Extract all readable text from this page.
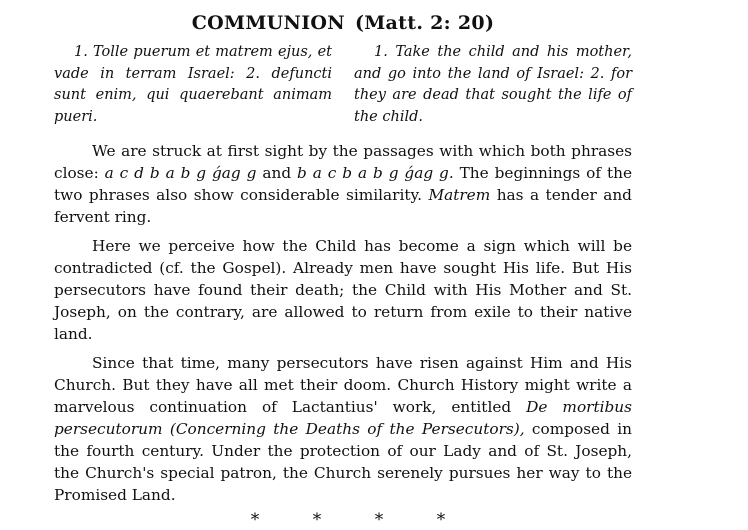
COMMUNION (Matt. 2: 20)
1. Tolle puerum et matrem ejus, et vade in terram Israel: 2. defuncti sunt enim, qui quaerebant animam pueri.
1. Take the child and his mother, and go into the land of Israel: 2. for they are dead that sought the life of the child.

We are struck at first sight by the passages with which both phrases close: a c d b a b g ǵag g and b a c b a b g ǵag g. The beginnings of the two phrases also show considerable similarity. Matrem has a tender and fervent ring.

Here we perceive how the Child has become a sign which will be contradicted (cf. the Gospel). Already men have sought His life. But His persecutors have found their death; the Child with His Mother and St. Joseph, on the contrary, are allowed to return from exile to their native land.

Since that time, many persecutors have risen against Him and His Church. But they have all met their doom. Church History might write a marvelous continuation of Lactantius' work, entitled De mortibus persecutorum (Concerning the Deaths of the Persecutors), composed in the fourth century. Under the protection of our Lady and of St. Joseph, the Church's special patron, the Church serenely pursues her way to the Promised Land.

*	*	*	*
